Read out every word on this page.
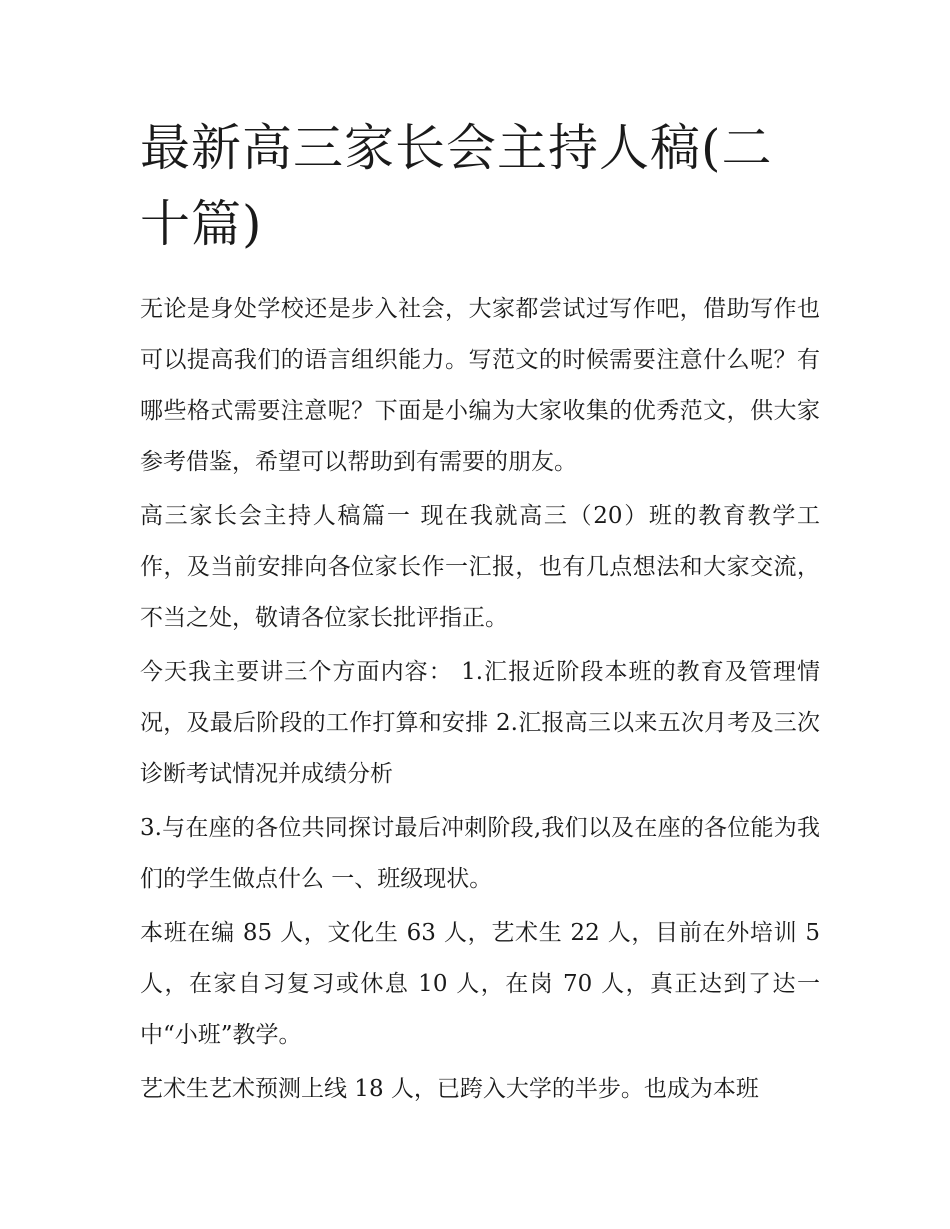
最新高三家长会主持人稿(二十篇)

无论是身处学校还是步入社会，大家都尝试过写作吧，借助写作也可以提高我们的语言组织能力。写范文的时候需要注意什么呢？有哪些格式需要注意呢？下面是小编为大家收集的优秀范文，供大家参考借鉴，希望可以帮助到有需要的朋友。

高三家长会主持人稿篇一 现在我就高三（20）班的教育教学工作，及当前安排向各位家长作一汇报，也有几点想法和大家交流，不当之处，敬请各位家长批评指正。

今天我主要讲三个方面内容： 1.汇报近阶段本班的教育及管理情况，及最后阶段的工作打算和安排 2.汇报高三以来五次月考及三次诊断考试情况并成绩分析

3.与在座的各位共同探讨最后冲刺阶段,我们以及在座的各位能为我们的学生做点什么 一、班级现状。

本班在编 85 人，文化生 63 人，艺术生 22 人，目前在外培训 5 人，在家自习复习或休息 10 人，在岗 70 人，真正达到了达一中“小班”教学。

艺术生艺术预测上线 18 人，已跨入大学的半步。也成为本班
